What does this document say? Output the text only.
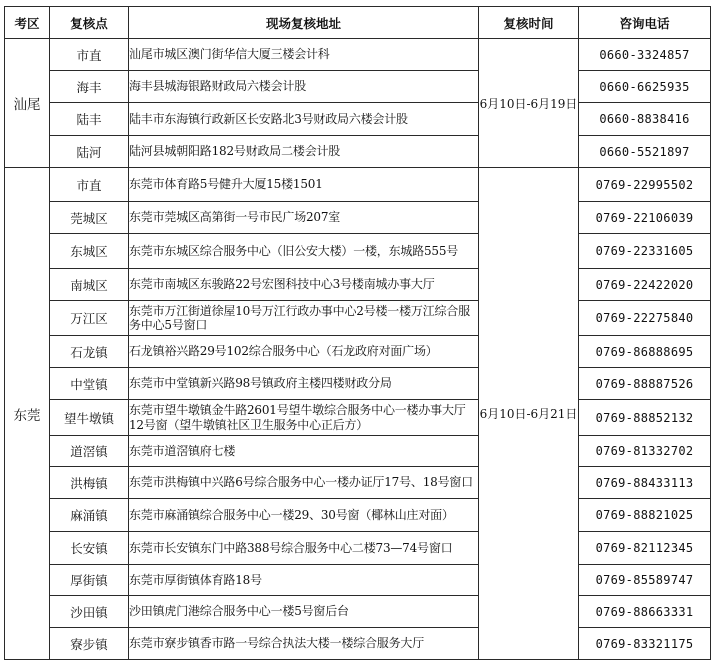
考区	复核点	现场复核地址	复核时间	咨询电话
汕尾	市直	汕尾市城区澳门街华信大厦三楼会计科	6月10日-6月19日	0660-3324857
	海丰	海丰县城海银路财政局六楼会计股		0660-6625935
	陆丰	陆丰市东海镇行政新区长安路北3号财政局六楼会计股		0660-8838416
	陆河	陆河县城朝阳路182号财政局二楼会计股		0660-5521897
东莞	市直	东莞市体育路5号健升大厦15楼1501	6月10日-6月21日	0769-22995502
	莞城区	东莞市莞城区高第街一号市民广场207室		0769-22106039
	东城区	东莞市东城区综合服务中心（旧公安大楼）一楼，东城路555号		0769-22331605
	南城区	东莞市南城区东骏路22号宏图科技中心3号楼南城办事大厅		0769-22422020
	万江区	东莞市万江街道徐屋10号万江行政办事中心2号楼一楼万江综合服务中心5号窗口		0769-22275840
	石龙镇	石龙镇裕兴路29号102综合服务中心（石龙政府对面广场）		0769-86888695
	中堂镇	东莞市中堂镇新兴路98号镇政府主楼四楼财政分局		0769-88887526
	望牛墩镇	东莞市望牛墩镇金牛路2601号望牛墩综合服务中心一楼办事大厅12号窗（望牛墩镇社区卫生服务中心正后方）		0769-88852132
	道滘镇	东莞市道滘镇府七楼		0769-81332702
	洪梅镇	东莞市洪梅镇中兴路6号综合服务中心一楼办证厅17号、18号窗口		0769-88433113
	麻涌镇	东莞市麻涌镇综合服务中心一楼29、30号窗（椰林山庄对面）		0769-88821025
	长安镇	东莞市长安镇东门中路388号综合服务中心二楼73—74号窗口		0769-82112345
	厚街镇	东莞市厚街镇体育路18号		0769-85589747
	沙田镇	沙田镇虎门港综合服务中心一楼5号窗后台		0769-88663331
	寮步镇	东莞市寮步镇香市路一号综合执法大楼一楼综合服务大厅		0769-83321175
